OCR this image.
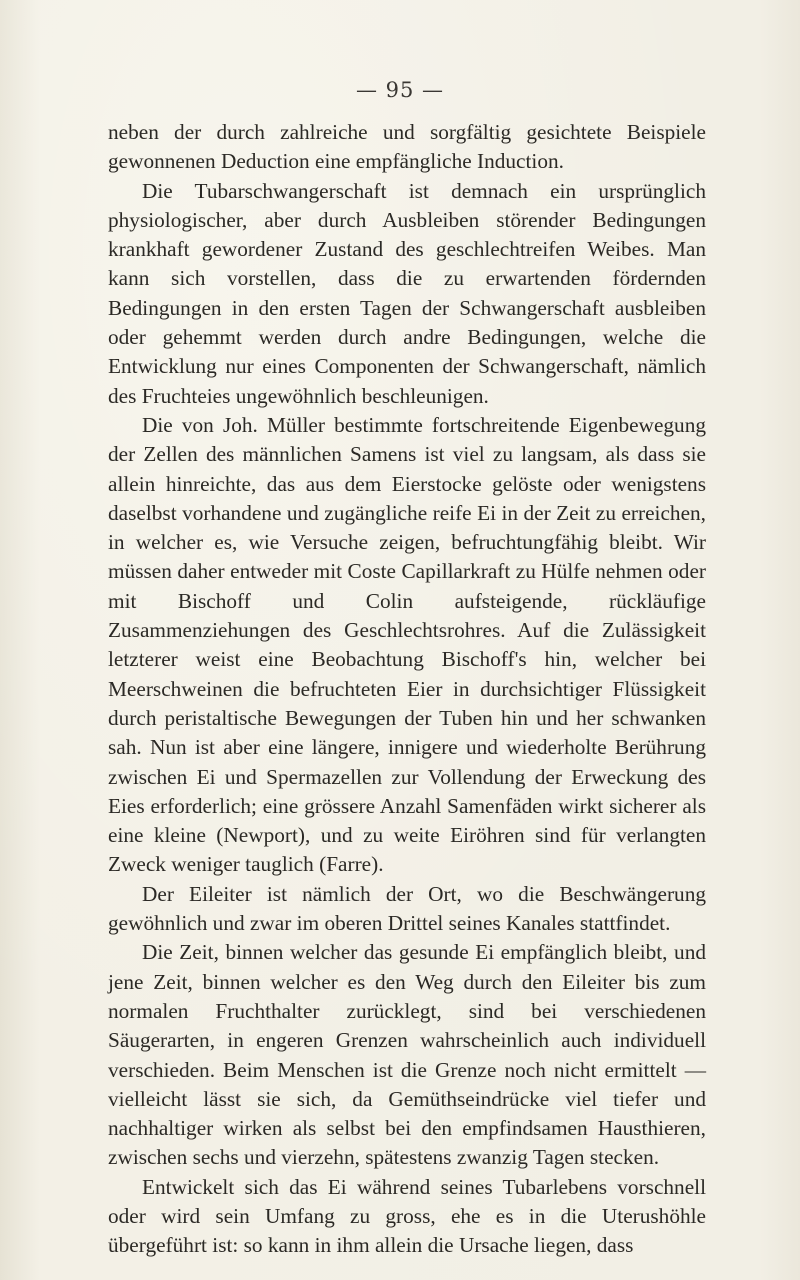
— 95 —

neben der durch zahlreiche und sorgfältig gesichtete Beispiele gewonnenen Deduction eine empfängliche Induction.

Die Tubarschwangerschaft ist demnach ein ursprünglich physiologischer, aber durch Ausbleiben störender Bedingungen krankhaft gewordener Zustand des geschlechtreifen Weibes. Man kann sich vorstellen, dass die zu erwartenden fördernden Bedingungen in den ersten Tagen der Schwangerschaft ausbleiben oder gehemmt werden durch andre Bedingungen, welche die Entwicklung nur eines Componenten der Schwangerschaft, nämlich des Fruchteies ungewöhnlich beschleunigen.

Die von Joh. Müller bestimmte fortschreitende Eigenbewegung der Zellen des männlichen Samens ist viel zu langsam, als dass sie allein hinreichte, das aus dem Eierstocke gelöste oder wenigstens daselbst vorhandene und zugängliche reife Ei in der Zeit zu erreichen, in welcher es, wie Versuche zeigen, befruchtungfähig bleibt. Wir müssen daher entweder mit Coste Capillarkraft zu Hülfe nehmen oder mit Bischoff und Colin aufsteigende, rückläufige Zusammenziehungen des Geschlechtsrohres. Auf die Zulässigkeit letzterer weist eine Beobachtung Bischoff's hin, welcher bei Meerschweinen die befruchteten Eier in durchsichtiger Flüssigkeit durch peristaltische Bewegungen der Tuben hin und her schwanken sah. Nun ist aber eine längere, innigere und wiederholte Berührung zwischen Ei und Spermazellen zur Vollendung der Erweckung des Eies erforderlich; eine grössere Anzahl Samenfäden wirkt sicherer als eine kleine (Newport), und zu weite Eiröhren sind für verlangten Zweck weniger tauglich (Farre).

Der Eileiter ist nämlich der Ort, wo die Beschwängerung gewöhnlich und zwar im oberen Drittel seines Kanales stattfindet.

Die Zeit, binnen welcher das gesunde Ei empfänglich bleibt, und jene Zeit, binnen welcher es den Weg durch den Eileiter bis zum normalen Fruchthalter zurücklegt, sind bei verschiedenen Säugerarten, in engeren Grenzen wahrscheinlich auch individuell verschieden. Beim Menschen ist die Grenze noch nicht ermittelt — vielleicht lässt sie sich, da Gemüthseindrücke viel tiefer und nachhaltiger wirken als selbst bei den empfindsamen Hausthieren, zwischen sechs und vierzehn, spätestens zwanzig Tagen stecken.

Entwickelt sich das Ei während seines Tubarlebens vorschnell oder wird sein Umfang zu gross, ehe es in die Uterushöhle übergeführt ist: so kann in ihm allein die Ursache liegen, dass
